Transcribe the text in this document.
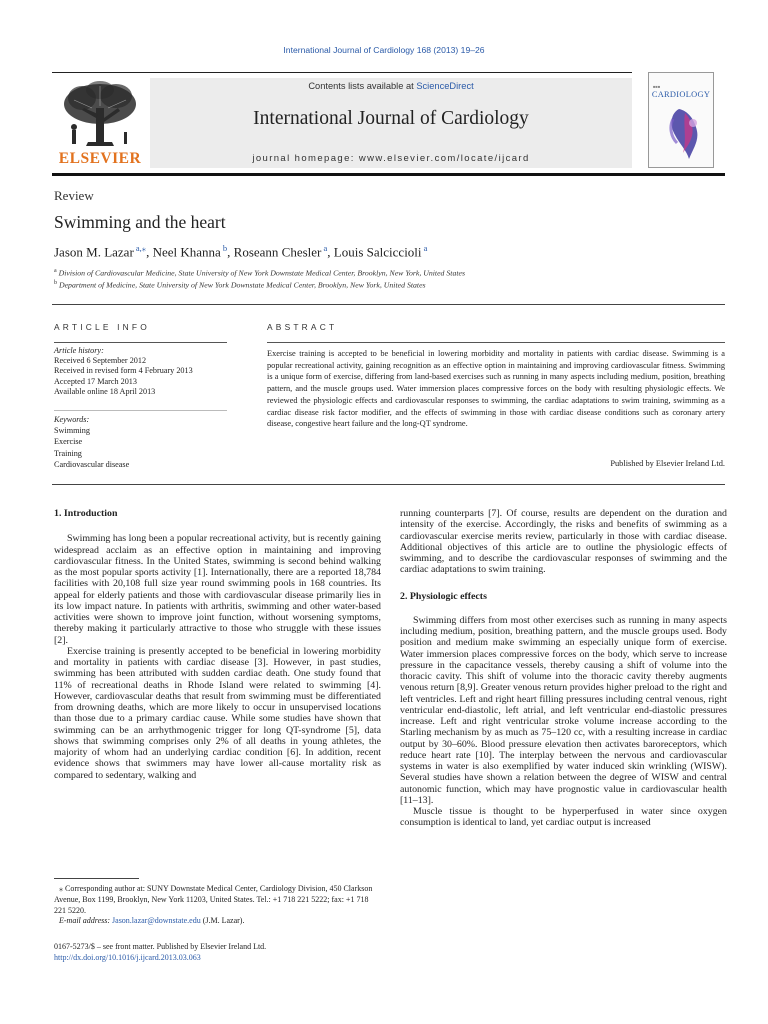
International Journal of Cardiology 168 (2013) 19–26
ELSEVIER
Contents lists available at ScienceDirect
International Journal of Cardiology
journal homepage: www.elsevier.com/locate/ijcard
■■■
CARDIOLOGY
Review
Swimming and the heart
Jason M. Lazar $^{a,⁎}$, Neel Khanna $^b$, Roseann Chesler $^a$, Louis Salciccioli $^a$
$^a$ Division of Cardiovascular Medicine, State University of New York Downstate Medical Center, Brooklyn, New York, United States
$^b$ Department of Medicine, State University of New York Downstate Medical Center, Brooklyn, New York, United States
ARTICLE INFO	ABSTRACT
Article history:
Received 6 September 2012
Received in revised form 4 February 2013
Accepted 17 March 2013
Available online 18 April 2013
Keywords:
Swimming
Exercise
Training
Cardiovascular disease
Exercise training is accepted to be beneficial in lowering morbidity and mortality in patients with cardiac disease. Swimming is a popular recreational activity, gaining recognition as an effective option in maintaining and improving cardiovascular fitness. Swimming is a unique form of exercise, differing from land-based exercises such as running in many aspects including medium, position, breathing pattern, and the muscle groups used. Water immersion places compressive forces on the body with resulting physiologic effects. We reviewed the physiologic effects and cardiovascular responses to swimming, the cardiac adaptations to swim training, swimming as a cardiac disease risk factor modifier, and the effects of swimming in those with cardiac disease conditions such as coronary artery disease, congestive heart failure and the long-QT syndrome.
Published by Elsevier Ireland Ltd.
1. Introduction

Swimming has long been a popular recreational activity, but is recently gaining widespread acclaim as an effective option in maintaining and improving cardiovascular fitness. In the United States, swimming is second behind walking as the most popular sports activity [1]. Internationally, there are a reported 18,784 facilities with 20,108 full size year round swimming pools in 168 countries. Its appeal for elderly patients and those with cardiovascular disease primarily lies in its low impact nature. In patients with arthritis, swimming and other water-based activities were shown to improve joint function, without worsening symptoms, thereby making it particularly attractive to those who struggle with these issues [2].

Exercise training is presently accepted to be beneficial in lowering morbidity and mortality in patients with cardiac disease [3]. However, in past studies, swimming has been attributed with sudden cardiac death. One study found that 11% of recreational deaths in Rhode Island were related to swimming [4]. However, cardiovascular deaths that result from swimming must be differentiated from drowning deaths, which are more likely to occur in unsupervised locations than those due to a primary cardiac cause. While some studies have shown that swimming can be an arrhythmogenic trigger for long QT-syndrome [5], data shows that swimming comprises only 2% of all deaths in young athletes, the majority of whom had an underlying cardiac condition [6]. In addition, recent evidence shows that swimmers may have lower all-cause mortality risk as compared to sedentary, walking and

running counterparts [7]. Of course, results are dependent on the duration and intensity of the exercise. Accordingly, the risks and benefits of swimming as a cardiovascular exercise merits review, particularly in those with cardiac disease. Additional objectives of this article are to outline the physiologic effects of swimming, and to describe the cardiovascular responses of swimming and the cardiac adaptations to swim training.

2. Physiologic effects

Swimming differs from most other exercises such as running in many aspects including medium, position, breathing pattern, and the muscle groups used. Body position and medium make swimming an especially unique form of exercise. Water immersion places compressive forces on the body, which serve to increase pressure in the capacitance vessels, thereby causing a shift of volume into the thoracic cavity. This shift of volume into the thoracic cavity thereby augments venous return [8,9]. Greater venous return provides higher preload to the right and left ventricles. Left and right heart filling pressures including central venous, right ventricular end-diastolic, left atrial, and left ventricular end-diastolic pressures increase. Left and right ventricular stroke volume increase according to the Starling mechanism by as much as 75–120 cc, with a resulting increase in cardiac output by 30–60%. Blood pressure elevation then activates baroreceptors, which reduce heart rate [10]. The interplay between the nervous and cardiovascular systems in water is also exemplified by water induced skin wrinkling (WISW). Several studies have shown a relation between the degree of WISW and central autonomic function, which may have prognostic value in cardiovascular health [11–13].

Muscle tissue is thought to be hyperperfused in water since oxygen consumption is identical to land, yet cardiac output is increased

⁎ Corresponding author at: SUNY Downstate Medical Center, Cardiology Division, 450 Clarkson Avenue, Box 1199, Brooklyn, New York 11203, United States. Tel.: +1 718 221 5222; fax: +1 718 221 5220.
E-mail address: Jason.lazar@downstate.edu (J.M. Lazar).
0167-5273/$ – see front matter. Published by Elsevier Ireland Ltd.
http://dx.doi.org/10.1016/j.ijcard.2013.03.063
